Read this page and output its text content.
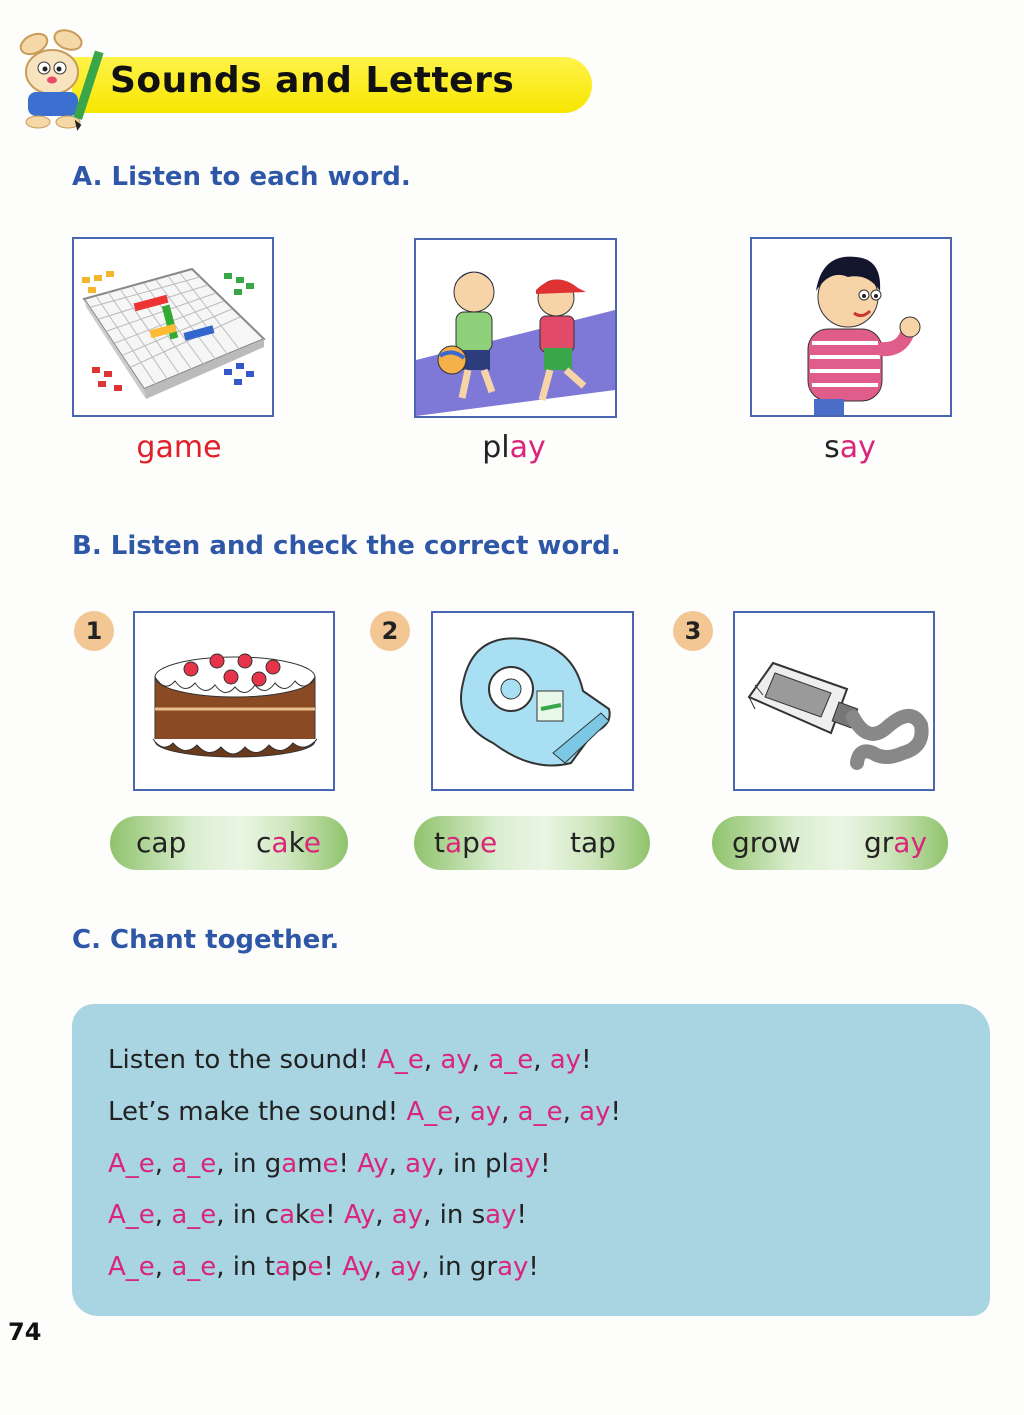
Sounds and Letters
A. Listen to each word.
game	play	say
B. Listen and check the correct word.
1	2	3
cap cake	tape	tap	grow gray
C. Chant together.
Listen to the sound! A_e, ay, a_e, ay!
Let’s make the sound! A_e, ay, a_e, ay!
A_e, a_e, in game! Ay, ay, in play!
A_e, a_e, in cake! Ay, ay, in say!
A_e, a_e, in tape! Ay, ay, in gray!
74
